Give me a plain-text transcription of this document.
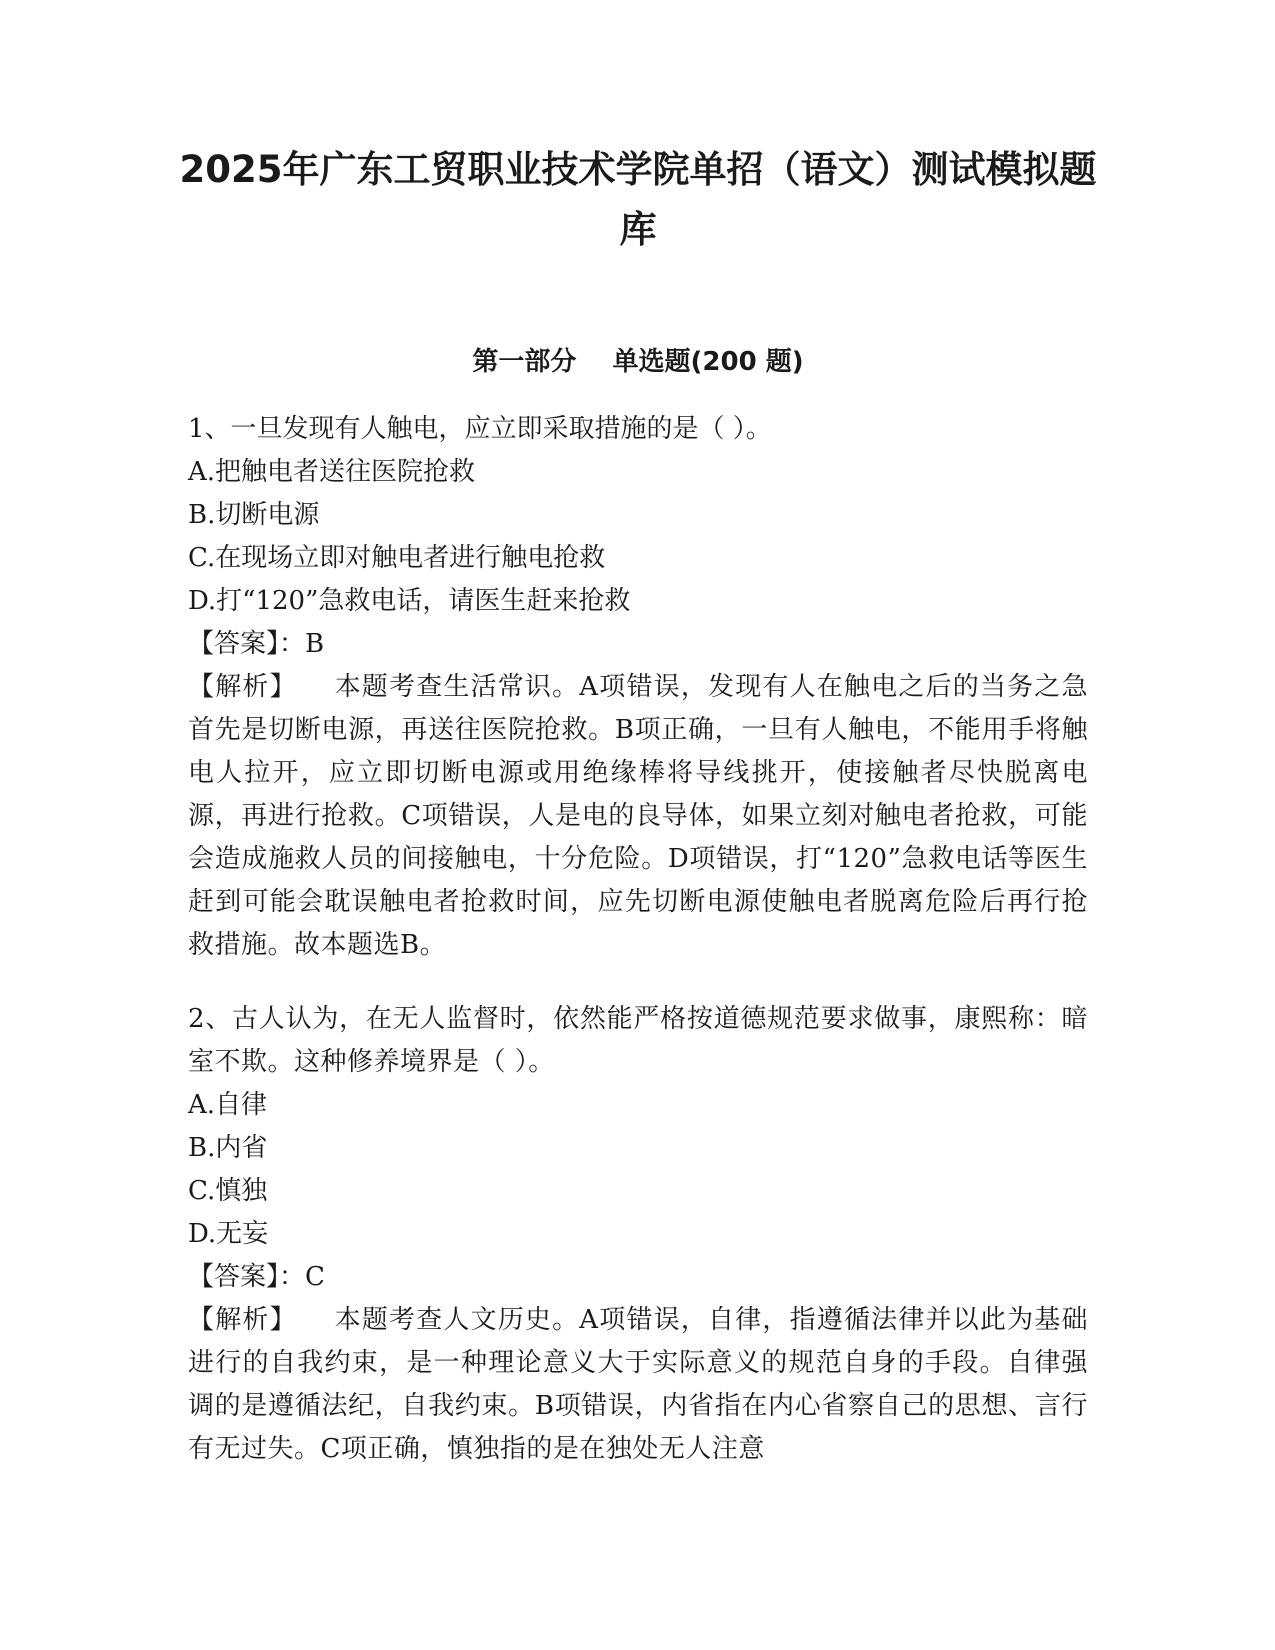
2025年广东工贸职业技术学院单招（语文）测试模拟题库
第一部分    单选题(200 题)
1、一旦发现有人触电，应立即采取措施的是（ ）。
A.把触电者送往医院抢救
B.切断电源
C.在现场立即对触电者进行触电抢救
D.打“120”急救电话，请医生赶来抢救
【答案】：B

【解析】 本题考查生活常识。A项错误，发现有人在触电之后的当务之急首先是切断电源，再送往医院抢救。B项正确，一旦有人触电，不能用手将触电人拉开，应立即切断电源或用绝缘棒将导线挑开，使接触者尽快脱离电源，再进行抢救。C项错误，人是电的良导体，如果立刻对触电者抢救，可能会造成施救人员的间接触电，十分危险。D项错误，打“120”急救电话等医生赶到可能会耽误触电者抢救时间，应先切断电源使触电者脱离危险后再行抢救措施。故本题选B。

2、古人认为，在无人监督时，依然能严格按道德规范要求做事，康熙称：暗室不欺。这种修养境界是（ ）。

A.自律
B.内省
C.慎独
D.无妄
【答案】：C

【解析】 本题考查人文历史。A项错误，自律，指遵循法律并以此为基础进行的自我约束，是一种理论意义大于实际意义的规范自身的手段。自律强调的是遵循法纪，自我约束。B项错误，内省指在内心省察自己的思想、言行有无过失。C项正确，慎独指的是在独处无人注意
